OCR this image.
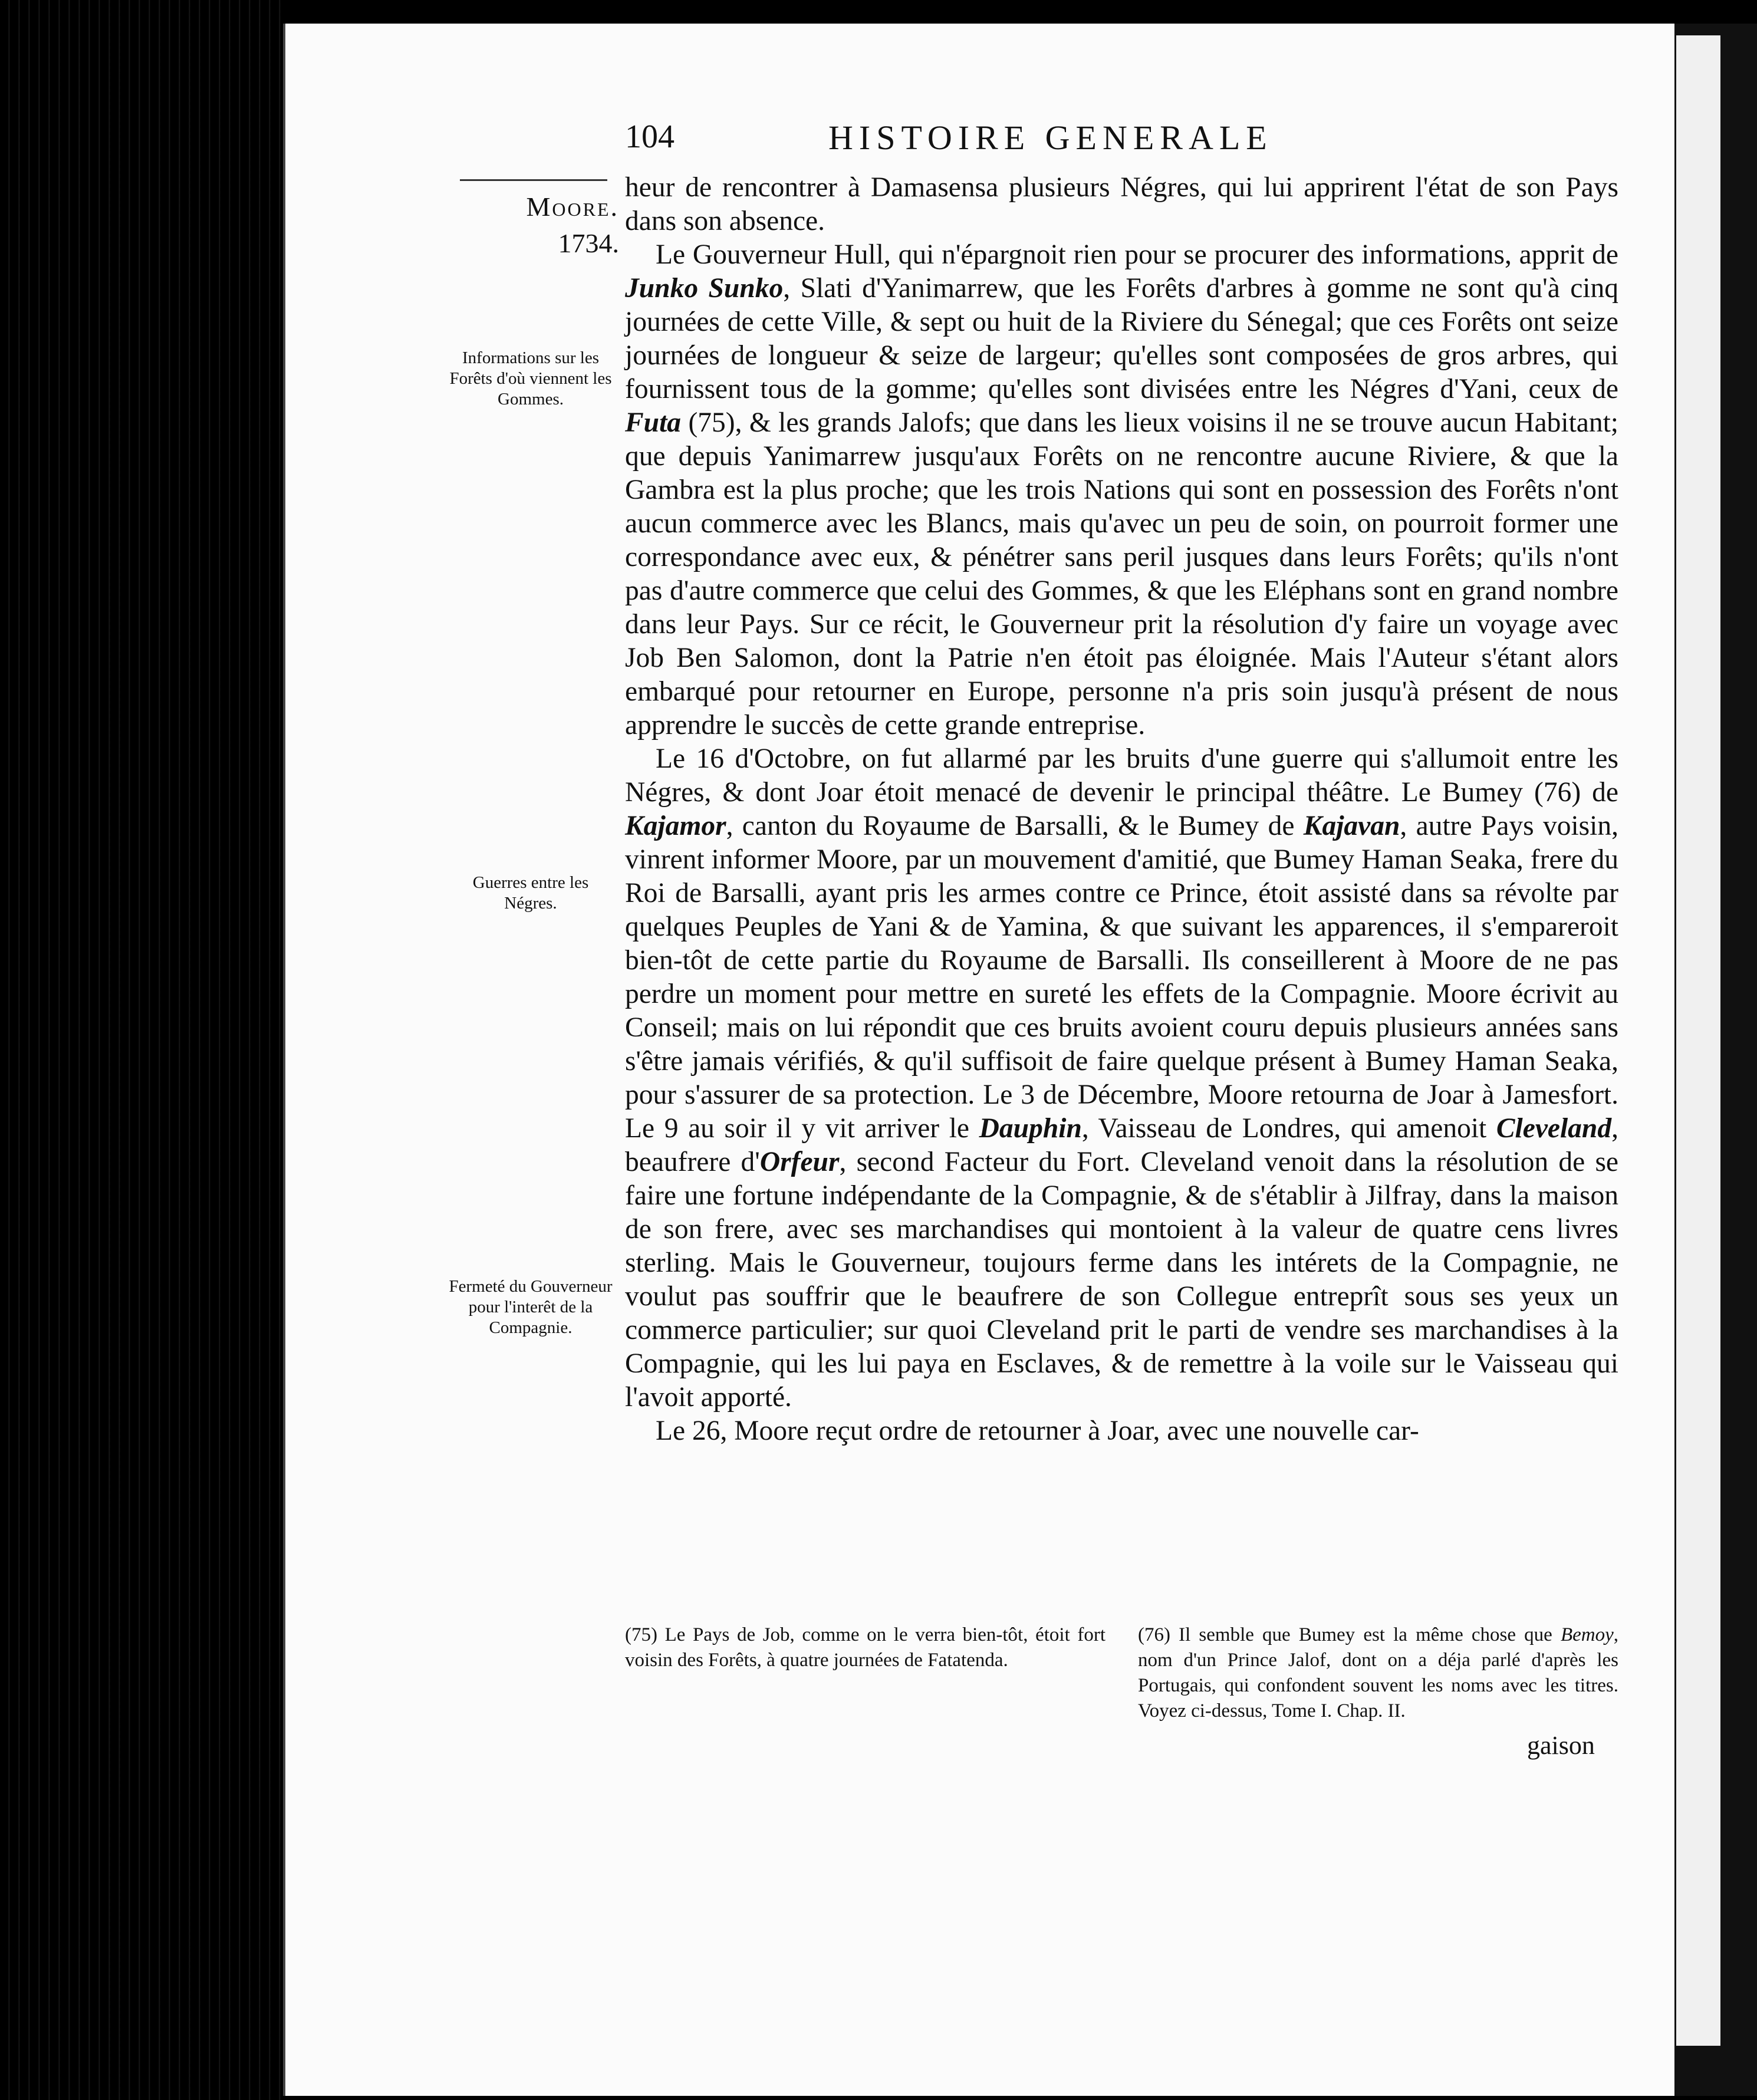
104	HISTOIRE GENERALE
Moore.
1734.
Informations sur les Forêts d'où viennent les Gommes.
Guerres entre les Négres.
Fermeté du Gouverneur pour l'interêt de la Compagnie.

heur de rencontrer à Damasensa plusieurs Négres, qui lui apprirent l'état de son Pays dans son absence.

Le Gouverneur Hull, qui n'épargnoit rien pour se procurer des informations, apprit de Junko Sunko, Slati d'Yanimarrew, que les Forêts d'arbres à gomme ne sont qu'à cinq journées de cette Ville, & sept ou huit de la Riviere du Sénegal; que ces Forêts ont seize journées de longueur & seize de largeur; qu'elles sont composées de gros arbres, qui fournissent tous de la gomme; qu'elles sont divisées entre les Négres d'Yani, ceux de Futa (75), & les grands Jalofs; que dans les lieux voisins il ne se trouve aucun Habitant; que depuis Yanimarrew jusqu'aux Forêts on ne rencontre aucune Riviere, & que la Gambra est la plus proche; que les trois Nations qui sont en possession des Forêts n'ont aucun commerce avec les Blancs, mais qu'avec un peu de soin, on pourroit former une correspondance avec eux, & pénétrer sans peril jusques dans leurs Forêts; qu'ils n'ont pas d'autre commerce que celui des Gommes, & que les Eléphans sont en grand nombre dans leur Pays. Sur ce récit, le Gouverneur prit la résolution d'y faire un voyage avec Job Ben Salomon, dont la Patrie n'en étoit pas éloignée. Mais l'Auteur s'étant alors embarqué pour retourner en Europe, personne n'a pris soin jusqu'à présent de nous apprendre le succès de cette grande entreprise.

Le 16 d'Octobre, on fut allarmé par les bruits d'une guerre qui s'allumoit entre les Négres, & dont Joar étoit menacé de devenir le principal théâtre. Le Bumey (76) de Kajamor, canton du Royaume de Barsalli, & le Bumey de Kajavan, autre Pays voisin, vinrent informer Moore, par un mouvement d'amitié, que Bumey Haman Seaka, frere du Roi de Barsalli, ayant pris les armes contre ce Prince, étoit assisté dans sa révolte par quelques Peuples de Yani & de Yamina, & que suivant les apparences, il s'empareroit bien-tôt de cette partie du Royaume de Barsalli. Ils conseillerent à Moore de ne pas perdre un moment pour mettre en sureté les effets de la Compagnie. Moore écrivit au Conseil; mais on lui répondit que ces bruits avoient couru depuis plusieurs années sans s'être jamais vérifiés, & qu'il suffisoit de faire quelque présent à Bumey Haman Seaka, pour s'assurer de sa protection. Le 3 de Décembre, Moore retourna de Joar à Jamesfort. Le 9 au soir il y vit arriver le Dauphin, Vaisseau de Londres, qui amenoit Cleveland, beaufrere d'Orfeur, second Facteur du Fort. Cleveland venoit dans la résolution de se faire une fortune indépendante de la Compagnie, & de s'établir à Jilfray, dans la maison de son frere, avec ses marchandises qui montoient à la valeur de quatre cens livres sterling. Mais le Gouverneur, toujours ferme dans les intérets de la Compagnie, ne voulut pas souffrir que le beaufrere de son Collegue entreprît sous ses yeux un commerce particulier; sur quoi Cleveland prit le parti de vendre ses marchandises à la Compagnie, qui les lui paya en Esclaves, & de remettre à la voile sur le Vaisseau qui l'avoit apporté.

Le 26, Moore reçut ordre de retourner à Joar, avec une nouvelle car-

(75) Le Pays de Job, comme on le verra bien-tôt, étoit fort voisin des Forêts, à quatre journées de Fatatenda.

(76) Il semble que Bumey est la même chose que Bemoy, nom d'un Prince Jalof, dont on a déja parlé d'après les Portugais, qui confondent souvent les noms avec les titres. Voyez ci-dessus, Tome I. Chap. II.

gaison
